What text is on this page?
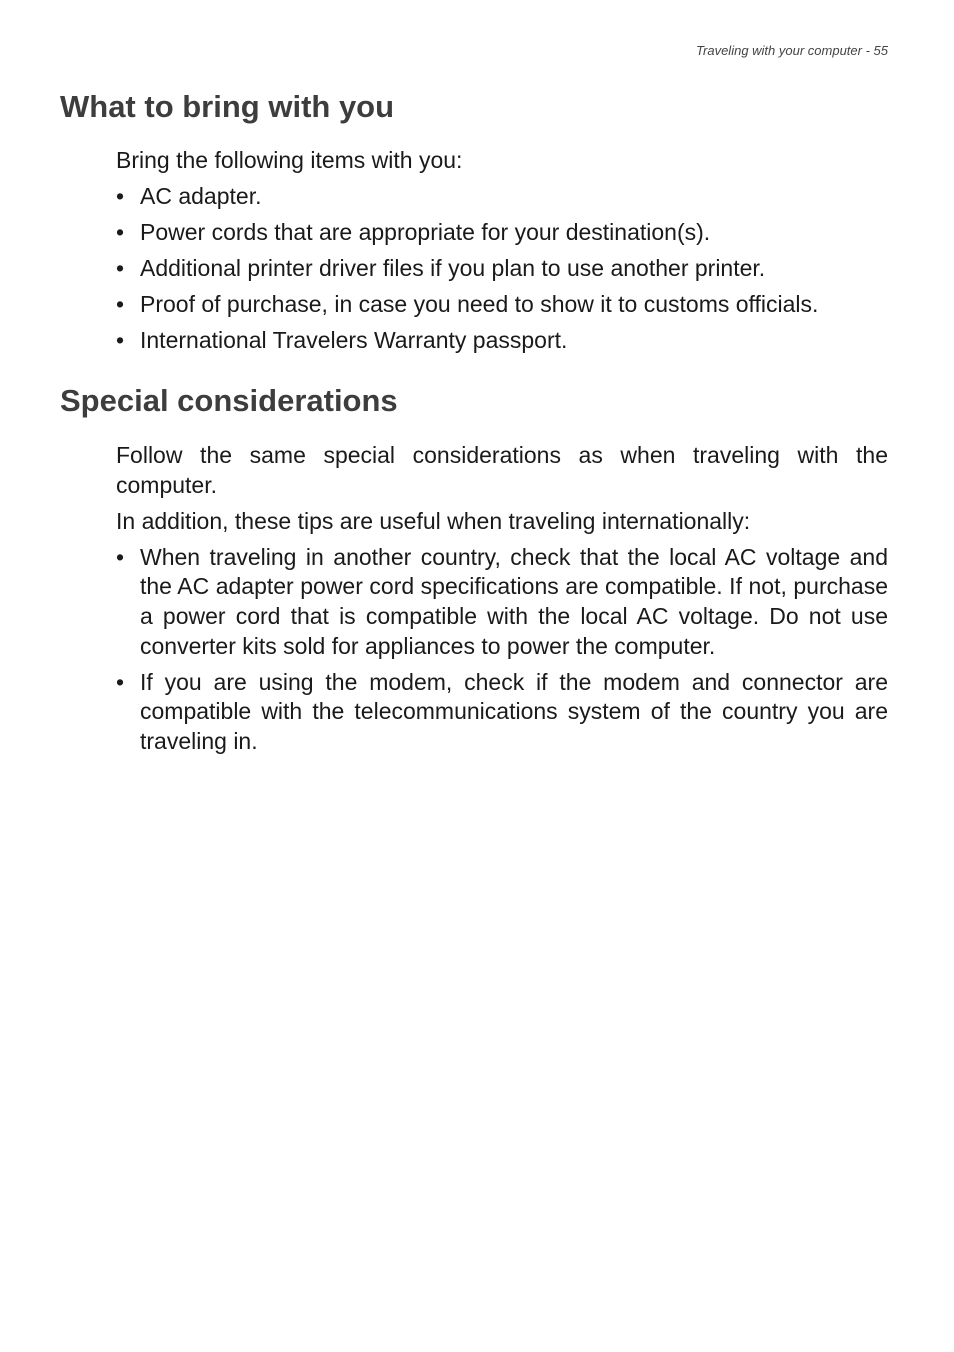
Traveling with your computer - 55
What to bring with you

Bring the following items with you:

• AC adapter.
• Power cords that are appropriate for your destination(s).
• Additional printer driver files if you plan to use another printer.
• Proof of purchase, in case you need to show it to customs officials.
• International Travelers Warranty passport.
Special considerations

Follow the same special considerations as when traveling with the computer.

In addition, these tips are useful when traveling internationally:

• When traveling in another country, check that the local AC voltage and the AC adapter power cord specifications are compatible. If not, purchase a power cord that is compatible with the local AC voltage. Do not use converter kits sold for appliances to power the computer.
• If you are using the modem, check if the modem and connector are compatible with the telecommunications system of the country you are traveling in.
